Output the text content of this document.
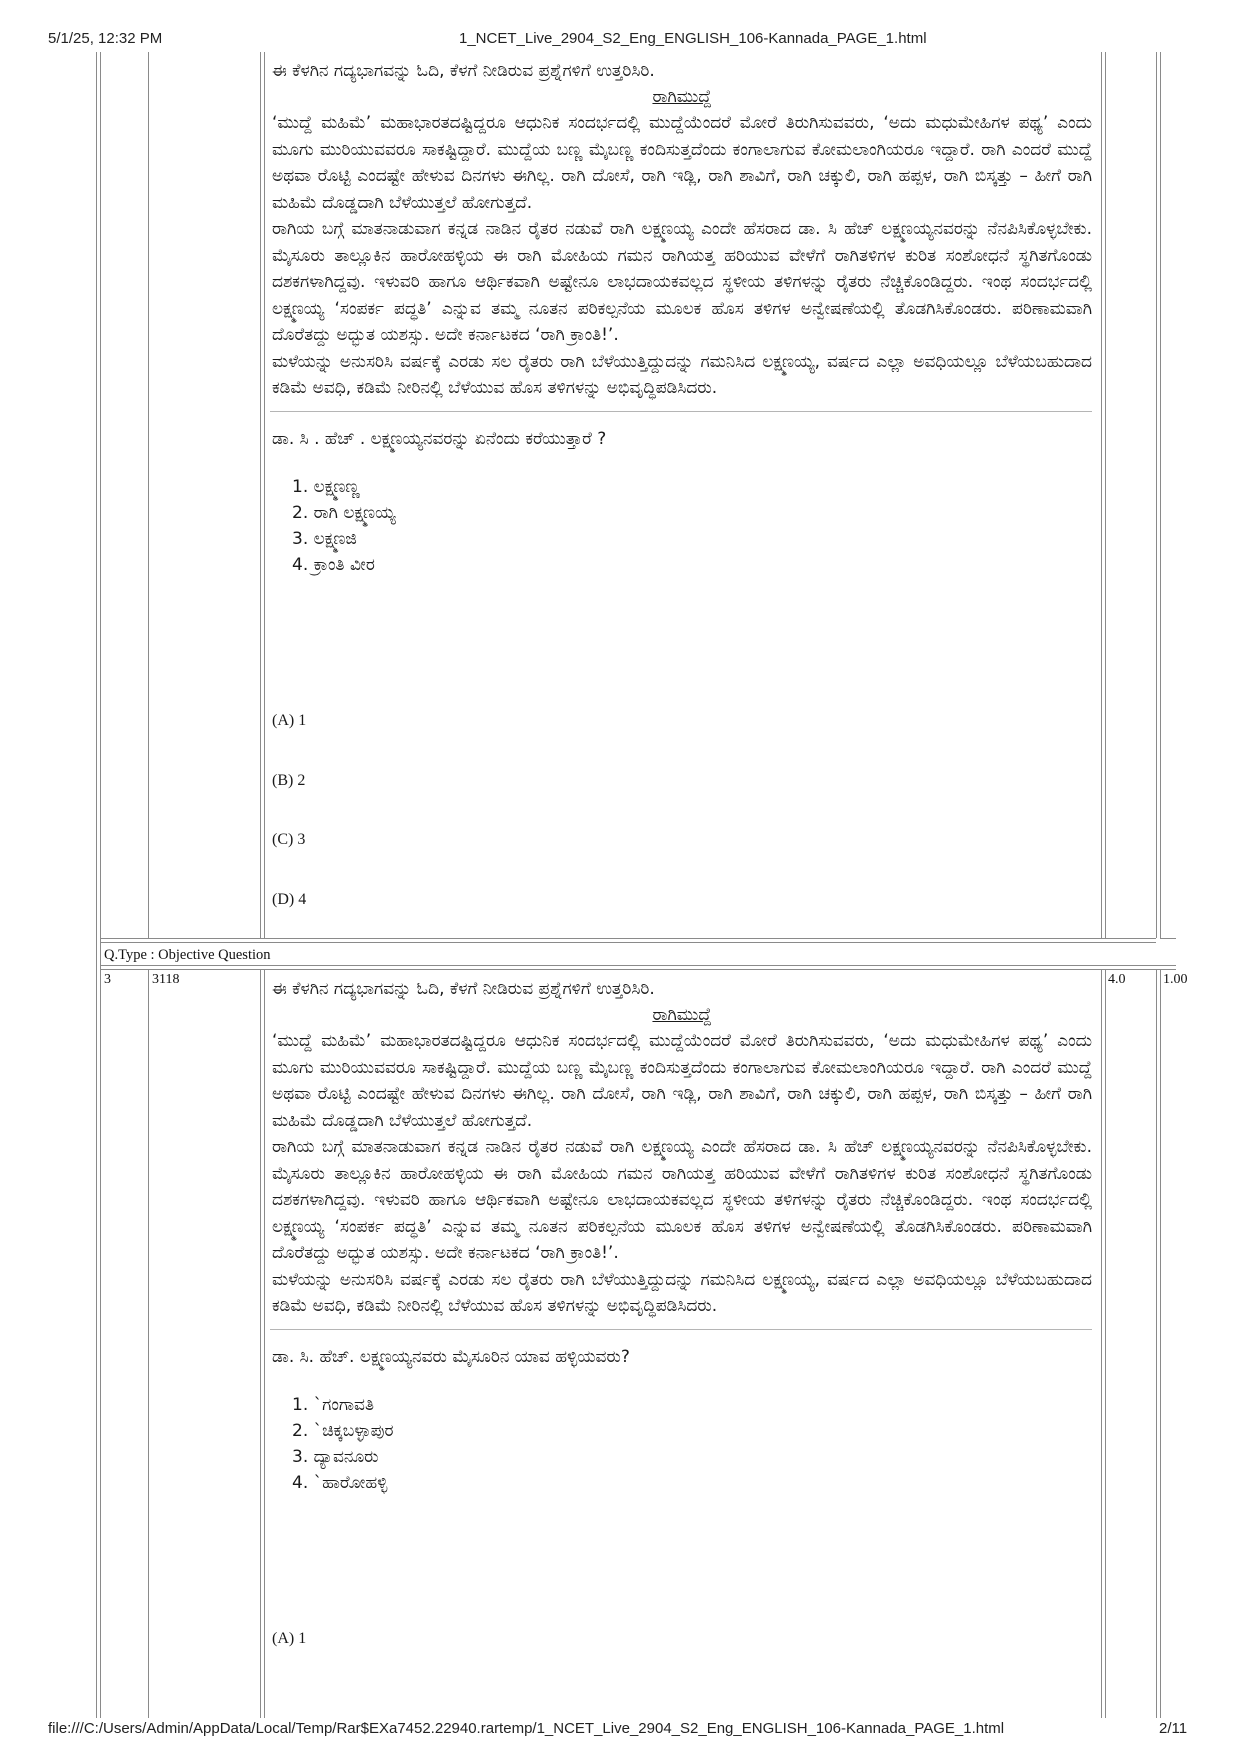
5/1/25, 12:32 PM	1_NCET_Live_2904_S2_Eng_ENGLISH_106-Kannada_PAGE_1.html

ಈ ಕೆಳಗಿನ ಗದ್ಯಭಾಗವನ್ನು ಓದಿ, ಕೆಳಗೆ ನೀಡಿರುವ ಪ್ರಶ್ನೆಗಳಿಗೆ ಉತ್ತರಿಸಿರಿ.

ರಾಗಿಮುದ್ದೆ

‘ಮುದ್ದೆ ಮಹಿಮೆ’ ಮಹಾಭಾರತದಷ್ಟಿದ್ದರೂ ಆಧುನಿಕ ಸಂದರ್ಭದಲ್ಲಿ ಮುದ್ದೆಯೆಂದರೆ ಮೋರೆ ತಿರುಗಿಸುವವರು, ‘ಅದು ಮಧುಮೇಹಿಗಳ ಪಥ್ಯ’ ಎಂದು ಮೂಗು ಮುರಿಯುವವರೂ ಸಾಕಷ್ಟಿದ್ದಾರೆ. ಮುದ್ದೆಯ ಬಣ್ಣ ಮೈಬಣ್ಣ ಕಂದಿಸುತ್ತದೆಂದು ಕಂಗಾಲಾಗುವ ಕೋಮಲಾಂಗಿಯರೂ ಇದ್ದಾರೆ. ರಾಗಿ ಎಂದರೆ ಮುದ್ದೆ ಅಥವಾ ರೊಟ್ಟಿ ಎಂದಷ್ಟೇ ಹೇಳುವ ದಿನಗಳು ಈಗಿಲ್ಲ. ರಾಗಿ ದೋಸೆ, ರಾಗಿ ಇಡ್ಲಿ, ರಾಗಿ ಶಾವಿಗೆ, ರಾಗಿ ಚಕ್ಕುಲಿ, ರಾಗಿ ಹಪ್ಪಳ, ರಾಗಿ ಬಿಸ್ಕತ್ತು – ಹೀಗೆ ರಾಗಿ ಮಹಿಮೆ ದೊಡ್ಡದಾಗಿ ಬೆಳೆಯುತ್ತಲೆ ಹೋಗುತ್ತದೆ.

ರಾಗಿಯ ಬಗ್ಗೆ ಮಾತನಾಡುವಾಗ ಕನ್ನಡ ನಾಡಿನ ರೈತರ ನಡುವೆ ರಾಗಿ ಲಕ್ಷ್ಮಣಯ್ಯ ಎಂದೇ ಹೆಸರಾದ ಡಾ. ಸಿ ಹೆಚ್ ಲಕ್ಷ್ಮಣಯ್ಯನವರನ್ನು ನೆನಪಿಸಿಕೊಳ್ಳಬೇಕು. ಮೈಸೂರು ತಾಲ್ಲೂಕಿನ ಹಾರೋಹಳ್ಳಿಯ ಈ ರಾಗಿ ಮೋಹಿಯ ಗಮನ ರಾಗಿಯತ್ತ ಹರಿಯುವ ವೇಳೆಗೆ ರಾಗಿತಳಿಗಳ ಕುರಿತ ಸಂಶೋಧನೆ ಸ್ಥಗಿತಗೊಂಡು ದಶಕಗಳಾಗಿದ್ದವು. ಇಳುವರಿ ಹಾಗೂ ಆರ್ಥಿಕವಾಗಿ ಅಷ್ಟೇನೂ ಲಾಭದಾಯಕವಲ್ಲದ ಸ್ಥಳೀಯ ತಳಿಗಳನ್ನು ರೈತರು ನೆಚ್ಚಿಕೊಂಡಿದ್ದರು. ಇಂಥ ಸಂದರ್ಭದಲ್ಲಿ ಲಕ್ಷ್ಮಣಯ್ಯ ‘ಸಂಪರ್ಕ ಪದ್ಧತಿ’ ಎನ್ನುವ ತಮ್ಮ ನೂತನ ಪರಿಕಲ್ಪನೆಯ ಮೂಲಕ ಹೊಸ ತಳಿಗಳ ಅನ್ವೇಷಣೆಯಲ್ಲಿ ತೊಡಗಿಸಿಕೊಂಡರು. ಪರಿಣಾಮವಾಗಿ ದೊರೆತದ್ದು ಅದ್ಭುತ ಯಶಸ್ಸು. ಅದೇ ಕರ್ನಾಟಕದ ‘ರಾಗಿ ಕ್ರಾಂತಿ!’.

ಮಳೆಯನ್ನು ಅನುಸರಿಸಿ ವರ್ಷಕ್ಕೆ ಎರಡು ಸಲ ರೈತರು ರಾಗಿ ಬೆಳೆಯುತ್ತಿದ್ದುದನ್ನು ಗಮನಿಸಿದ ಲಕ್ಷ್ಮಣಯ್ಯ, ವರ್ಷದ ಎಲ್ಲಾ ಅವಧಿಯಲ್ಲೂ ಬೆಳೆಯಬಹುದಾದ ಕಡಿಮೆ ಅವಧಿ, ಕಡಿಮೆ ನೀರಿನಲ್ಲಿ ಬೆಳೆಯುವ ಹೊಸ ತಳಿಗಳನ್ನು ಅಭಿವೃದ್ಧಿಪಡಿಸಿದರು.

ಡಾ. ಸಿ . ಹೆಚ್ . ಲಕ್ಷ್ಮಣಯ್ಯನವರನ್ನು ಏನೆಂದು ಕರೆಯುತ್ತಾರೆ ?

1. ಲಕ್ಷ್ಮಣಣ್ಣ
2. ರಾಗಿ ಲಕ್ಷ್ಮಣಯ್ಯ
3. ಲಕ್ಷ್ಮಣಜಿ
4. ಕ್ರಾಂತಿ ವೀರ

(A) 1

(B) 2

(C) 3

(D) 4

Q.Type : Objective Question
3	3118	4.0	1.00

ಈ ಕೆಳಗಿನ ಗದ್ಯಭಾಗವನ್ನು ಓದಿ, ಕೆಳಗೆ ನೀಡಿರುವ ಪ್ರಶ್ನೆಗಳಿಗೆ ಉತ್ತರಿಸಿರಿ.

ರಾಗಿಮುದ್ದೆ

‘ಮುದ್ದೆ ಮಹಿಮೆ’ ಮಹಾಭಾರತದಷ್ಟಿದ್ದರೂ ಆಧುನಿಕ ಸಂದರ್ಭದಲ್ಲಿ ಮುದ್ದೆಯೆಂದರೆ ಮೋರೆ ತಿರುಗಿಸುವವರು, ‘ಅದು ಮಧುಮೇಹಿಗಳ ಪಥ್ಯ’ ಎಂದು ಮೂಗು ಮುರಿಯುವವರೂ ಸಾಕಷ್ಟಿದ್ದಾರೆ. ಮುದ್ದೆಯ ಬಣ್ಣ ಮೈಬಣ್ಣ ಕಂದಿಸುತ್ತದೆಂದು ಕಂಗಾಲಾಗುವ ಕೋಮಲಾಂಗಿಯರೂ ಇದ್ದಾರೆ. ರಾಗಿ ಎಂದರೆ ಮುದ್ದೆ ಅಥವಾ ರೊಟ್ಟಿ ಎಂದಷ್ಟೇ ಹೇಳುವ ದಿನಗಳು ಈಗಿಲ್ಲ. ರಾಗಿ ದೋಸೆ, ರಾಗಿ ಇಡ್ಲಿ, ರಾಗಿ ಶಾವಿಗೆ, ರಾಗಿ ಚಕ್ಕುಲಿ, ರಾಗಿ ಹಪ್ಪಳ, ರಾಗಿ ಬಿಸ್ಕತ್ತು – ಹೀಗೆ ರಾಗಿ ಮಹಿಮೆ ದೊಡ್ಡದಾಗಿ ಬೆಳೆಯುತ್ತಲೆ ಹೋಗುತ್ತದೆ.

ರಾಗಿಯ ಬಗ್ಗೆ ಮಾತನಾಡುವಾಗ ಕನ್ನಡ ನಾಡಿನ ರೈತರ ನಡುವೆ ರಾಗಿ ಲಕ್ಷ್ಮಣಯ್ಯ ಎಂದೇ ಹೆಸರಾದ ಡಾ. ಸಿ ಹೆಚ್ ಲಕ್ಷ್ಮಣಯ್ಯನವರನ್ನು ನೆನಪಿಸಿಕೊಳ್ಳಬೇಕು. ಮೈಸೂರು ತಾಲ್ಲೂಕಿನ ಹಾರೋಹಳ್ಳಿಯ ಈ ರಾಗಿ ಮೋಹಿಯ ಗಮನ ರಾಗಿಯತ್ತ ಹರಿಯುವ ವೇಳೆಗೆ ರಾಗಿತಳಿಗಳ ಕುರಿತ ಸಂಶೋಧನೆ ಸ್ಥಗಿತಗೊಂಡು ದಶಕಗಳಾಗಿದ್ದವು. ಇಳುವರಿ ಹಾಗೂ ಆರ್ಥಿಕವಾಗಿ ಅಷ್ಟೇನೂ ಲಾಭದಾಯಕವಲ್ಲದ ಸ್ಥಳೀಯ ತಳಿಗಳನ್ನು ರೈತರು ನೆಚ್ಚಿಕೊಂಡಿದ್ದರು. ಇಂಥ ಸಂದರ್ಭದಲ್ಲಿ ಲಕ್ಷ್ಮಣಯ್ಯ ‘ಸಂಪರ್ಕ ಪದ್ಧತಿ’ ಎನ್ನುವ ತಮ್ಮ ನೂತನ ಪರಿಕಲ್ಪನೆಯ ಮೂಲಕ ಹೊಸ ತಳಿಗಳ ಅನ್ವೇಷಣೆಯಲ್ಲಿ ತೊಡಗಿಸಿಕೊಂಡರು. ಪರಿಣಾಮವಾಗಿ ದೊರೆತದ್ದು ಅದ್ಭುತ ಯಶಸ್ಸು. ಅದೇ ಕರ್ನಾಟಕದ ‘ರಾಗಿ ಕ್ರಾಂತಿ!’.

ಮಳೆಯನ್ನು ಅನುಸರಿಸಿ ವರ್ಷಕ್ಕೆ ಎರಡು ಸಲ ರೈತರು ರಾಗಿ ಬೆಳೆಯುತ್ತಿದ್ದುದನ್ನು ಗಮನಿಸಿದ ಲಕ್ಷ್ಮಣಯ್ಯ, ವರ್ಷದ ಎಲ್ಲಾ ಅವಧಿಯಲ್ಲೂ ಬೆಳೆಯಬಹುದಾದ ಕಡಿಮೆ ಅವಧಿ, ಕಡಿಮೆ ನೀರಿನಲ್ಲಿ ಬೆಳೆಯುವ ಹೊಸ ತಳಿಗಳನ್ನು ಅಭಿವೃದ್ಧಿಪಡಿಸಿದರು.

ಡಾ. ಸಿ. ಹೆಚ್. ಲಕ್ಷ್ಮಣಯ್ಯನವರು ಮೈಸೂರಿನ ಯಾವ ಹಳ್ಳಿಯವರು?

1. `ಗಂಗಾವತಿ
2. `ಚಿಕ್ಕಬಳ್ಳಾಪುರ
3. ದ್ಯಾವನೂರು
4. `ಹಾರೋಹಳ್ಳಿ

(A) 1

file:///C:/Users/Admin/AppData/Local/Temp/Rar$EXa7452.22940.rartemp/1_NCET_Live_2904_S2_Eng_ENGLISH_106-Kannada_PAGE_1.html	2/11
